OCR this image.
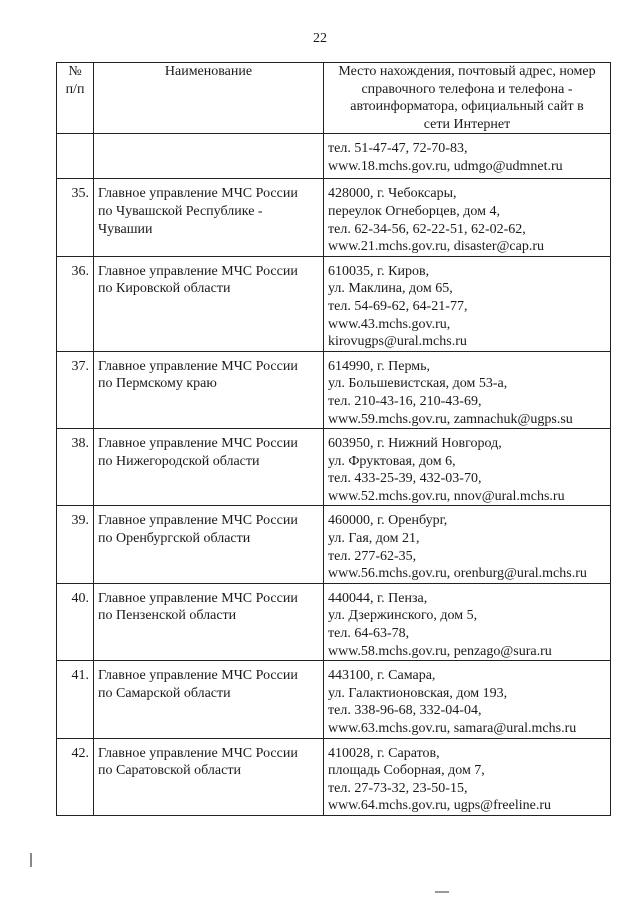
22
№
п/п	Наименование	Место нахождения, почтовый адрес, номер
справочного телефона и телефона -
автоинформатора, официальный сайт в
сети Интернет

		тел. 51-47-47, 72-70-83,
www.18.mchs.gov.ru, udmgo@udmnet.ru

35.	Главное управление МЧС России
по Чувашской Республике -
Чувашии	428000, г. Чебоксары,
переулок Огнеборцев, дом 4,
тел. 62-34-56, 62-22-51, 62-02-62,
www.21.mchs.gov.ru, disaster@cap.ru

36.	Главное управление МЧС России
по Кировской области	610035, г. Киров,
ул. Маклина, дом 65,
тел. 54-69-62, 64-21-77,
www.43.mchs.gov.ru,
kirovugps@ural.mchs.ru

37.	Главное управление МЧС России
по Пермскому краю	614990, г. Пермь,
ул. Большевистская, дом 53-а,
тел. 210-43-16, 210-43-69,
www.59.mchs.gov.ru, zamnachuk@ugps.su

38.	Главное управление МЧС России
по Нижегородской области	603950, г. Нижний Новгород,
ул. Фруктовая, дом 6,
тел. 433-25-39, 432-03-70,
www.52.mchs.gov.ru, nnov@ural.mchs.ru

39.	Главное управление МЧС России
по Оренбургской области	460000, г. Оренбург,
ул. Гая, дом 21,
тел. 277-62-35,
www.56.mchs.gov.ru, orenburg@ural.mchs.ru

40.	Главное управление МЧС России
по Пензенской области	440044, г. Пенза,
ул. Дзержинского, дом 5,
тел. 64-63-78,
www.58.mchs.gov.ru, penzago@sura.ru

41.	Главное управление МЧС России
по Самарской области	443100, г. Самара,
ул. Галактионовская, дом 193,
тел. 338-96-68, 332-04-04,
www.63.mchs.gov.ru, samara@ural.mchs.ru

42.	Главное управление МЧС России
по Саратовской области	410028, г. Саратов,
площадь Соборная, дом 7,
тел. 27-73-32, 23-50-15,
www.64.mchs.gov.ru, ugps@freeline.ru
